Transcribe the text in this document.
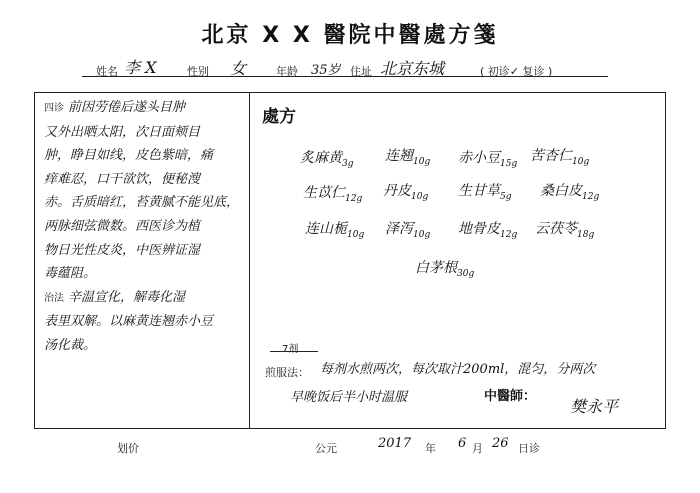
北京 X X 醫院中醫處方箋
姓名 李 X	性别 女	年龄 35岁 住址 北京东城	( 初诊✓ 复诊 )
四诊 前因劳倦后遂头目肿
又外出晒太阳，次日面颊目
肿，睁目如线，皮色紫暗，痛
痒难忍，口干欲饮，便秘溲
赤。舌质暗红，苔黄腻不能见底，
两脉细弦微数。西医诊为植
物日光性皮炎，中医辨证湿
毒蕴阻。
治法 辛温宣化，解毒化湿
表里双解。以麻黄连翘赤小豆
汤化裁。
處方
炙麻黄$_{3g}$ 连翘$_{10g}$ 赤小豆$_{15g}$ 苦杏仁$_{10g}$
生苡仁$_{12g}$ 丹皮$_{10g}$ 生甘草$_{5g}$ 桑白皮$_{12g}$
连山栀$_{10g}$ 泽泻$_{10g}$ 地骨皮$_{12g}$ 云茯苓$_{18g}$
白茅根$_{30g}$
7剂
煎服法： 每剂水煎两次，每次取汁200ml，混匀，分两次
早晚饭后半小时温服	中醫師：
樊永平
划价	公元	2017 年 6 月 26 日诊
